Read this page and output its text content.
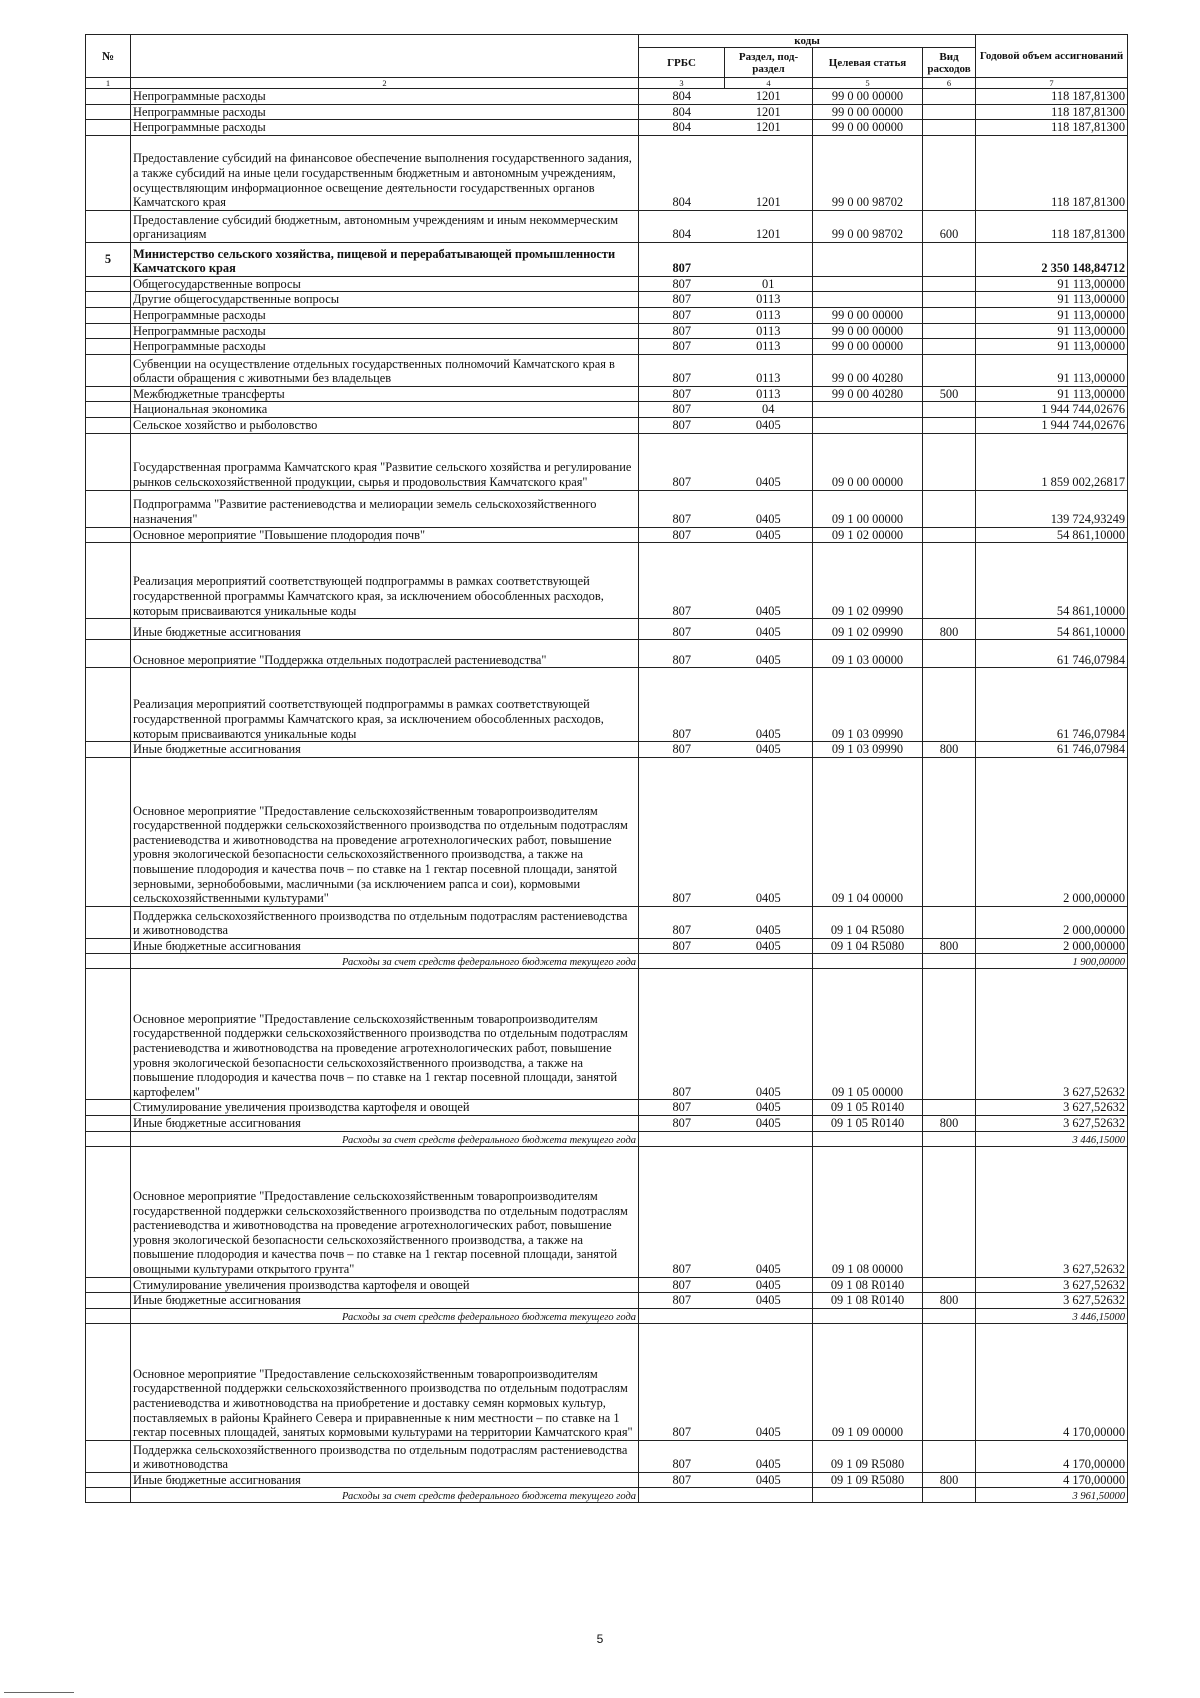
№		коды				Годовой объем ассигнований
		ГРБС	Раздел, под-раздел	Целевая статья	Вид расходов	
1	2	3	4	5	6	7
	Непрограммные расходы	804	1201	99 0 00 00000		118 187,81300
	Непрограммные расходы	804	1201	99 0 00 00000		118 187,81300
	Непрограммные расходы	804	1201	99 0 00 00000		118 187,81300
	Предоставление субсидий на финансовое обеспечение выполнения государственного задания, а также субсидий на иные цели государственным бюджетным и автономным учреждениям, осуществляющим информационное освещение деятельности государственных органов Камчатского края	804	1201	99 0 00 98702		118 187,81300
	Предоставление субсидий бюджетным, автономным учреждениям и иным некоммерческим организациям	804	1201	99 0 00 98702	600	118 187,81300
5	Министерство сельского хозяйства, пищевой и перерабатывающей промышленности Камчатского края	807				2 350 148,84712
	Общегосударственные вопросы	807	01			91 113,00000
	Другие общегосударственные вопросы	807	0113			91 113,00000
	Непрограммные расходы	807	0113	99 0 00 00000		91 113,00000
	Непрограммные расходы	807	0113	99 0 00 00000		91 113,00000
	Непрограммные расходы	807	0113	99 0 00 00000		91 113,00000
	Субвенции на осуществление отдельных государственных полномочий Камчатского края в области обращения с животными без владельцев	807	0113	99 0 00 40280		91 113,00000
	Межбюджетные трансферты	807	0113	99 0 00 40280	500	91 113,00000
	Национальная экономика	807	04			1 944 744,02676
	Сельское хозяйство и рыболовство	807	0405			1 944 744,02676
	Государственная программа Камчатского края "Развитие сельского хозяйства и регулирование рынков сельскохозяйственной продукции, сырья и продовольствия Камчатского края"	807	0405	09 0 00 00000		1 859 002,26817
	Подпрограмма "Развитие растениеводства и мелиорации земель сельскохозяйственного назначения"	807	0405	09 1 00 00000		139 724,93249
	Основное мероприятие "Повышение плодородия почв"	807	0405	09 1 02 00000		54 861,10000
	Реализация мероприятий соответствующей подпрограммы в рамках соответствующей государственной программы Камчатского края, за исключением обособленных расходов, которым присваиваются уникальные коды	807	0405	09 1 02 09990		54 861,10000
	Иные бюджетные ассигнования	807	0405	09 1 02 09990	800	54 861,10000
	Основное мероприятие "Поддержка отдельных подотраслей растениеводства"	807	0405	09 1 03 00000		61 746,07984
	Реализация мероприятий соответствующей подпрограммы в рамках соответствующей государственной программы Камчатского края, за исключением обособленных расходов, которым присваиваются уникальные коды	807	0405	09 1 03 09990		61 746,07984
	Иные бюджетные ассигнования	807	0405	09 1 03 09990	800	61 746,07984
	Основное мероприятие "Предоставление сельскохозяйственным товаропроизводителям государственной поддержки сельскохозяйственного производства по отдельным подотраслям растениеводства и животноводства на проведение агротехнологических работ, повышение уровня экологической безопасности сельскохозяйственного производства, а также на повышение плодородия и качества почв – по ставке на 1 гектар посевной площади, занятой зерновыми, зернобобовыми, масличными (за исключением рапса и сои), кормовыми сельскохозяйственными культурами"	807	0405	09 1 04 00000		2 000,00000
	Поддержка сельскохозяйственного производства по отдельным подотраслям растениеводства и животноводства	807	0405	09 1 04 R5080		2 000,00000
	Иные бюджетные ассигнования	807	0405	09 1 04 R5080	800	2 000,00000
	Расходы за счет средств федерального бюджета текущего года					1 900,00000
	Основное мероприятие "Предоставление сельскохозяйственным товаропроизводителям государственной поддержки сельскохозяйственного производства по отдельным подотраслям растениеводства и животноводства на проведение агротехнологических работ, повышение уровня экологической безопасности сельскохозяйственного производства, а также на повышение плодородия и качества почв – по ставке на 1 гектар посевной площади, занятой картофелем"	807	0405	09 1 05 00000		3 627,52632
	Стимулирование увеличения производства картофеля и овощей	807	0405	09 1 05 R0140		3 627,52632
	Иные бюджетные ассигнования	807	0405	09 1 05 R0140	800	3 627,52632
	Расходы за счет средств федерального бюджета текущего года					3 446,15000
	Основное мероприятие "Предоставление сельскохозяйственным товаропроизводителям государственной поддержки сельскохозяйственного производства по отдельным подотраслям растениеводства и животноводства на проведение агротехнологических работ, повышение уровня экологической безопасности сельскохозяйственного производства, а также на повышение плодородия и качества почв – по ставке на 1 гектар посевной площади, занятой овощными культурами открытого грунта"	807	0405	09 1 08 00000		3 627,52632
	Стимулирование увеличения производства картофеля и овощей	807	0405	09 1 08 R0140		3 627,52632
	Иные бюджетные ассигнования	807	0405	09 1 08 R0140	800	3 627,52632
	Расходы за счет средств федерального бюджета текущего года					3 446,15000
	Основное мероприятие "Предоставление сельскохозяйственным товаропроизводителям государственной поддержки сельскохозяйственного производства по отдельным подотраслям растениеводства и животноводства на приобретение и доставку семян кормовых культур, поставляемых в районы Крайнего Севера и приравненные к ним местности – по ставке на 1 гектар посевных площадей, занятых кормовыми культурами на территории Камчатского края"	807	0405	09 1 09 00000		4 170,00000
	Поддержка сельскохозяйственного производства по отдельным подотраслям растениеводства и животноводства	807	0405	09 1 09 R5080		4 170,00000
	Иные бюджетные ассигнования	807	0405	09 1 09 R5080	800	4 170,00000
	Расходы за счет средств федерального бюджета текущего года					3 961,50000
5
